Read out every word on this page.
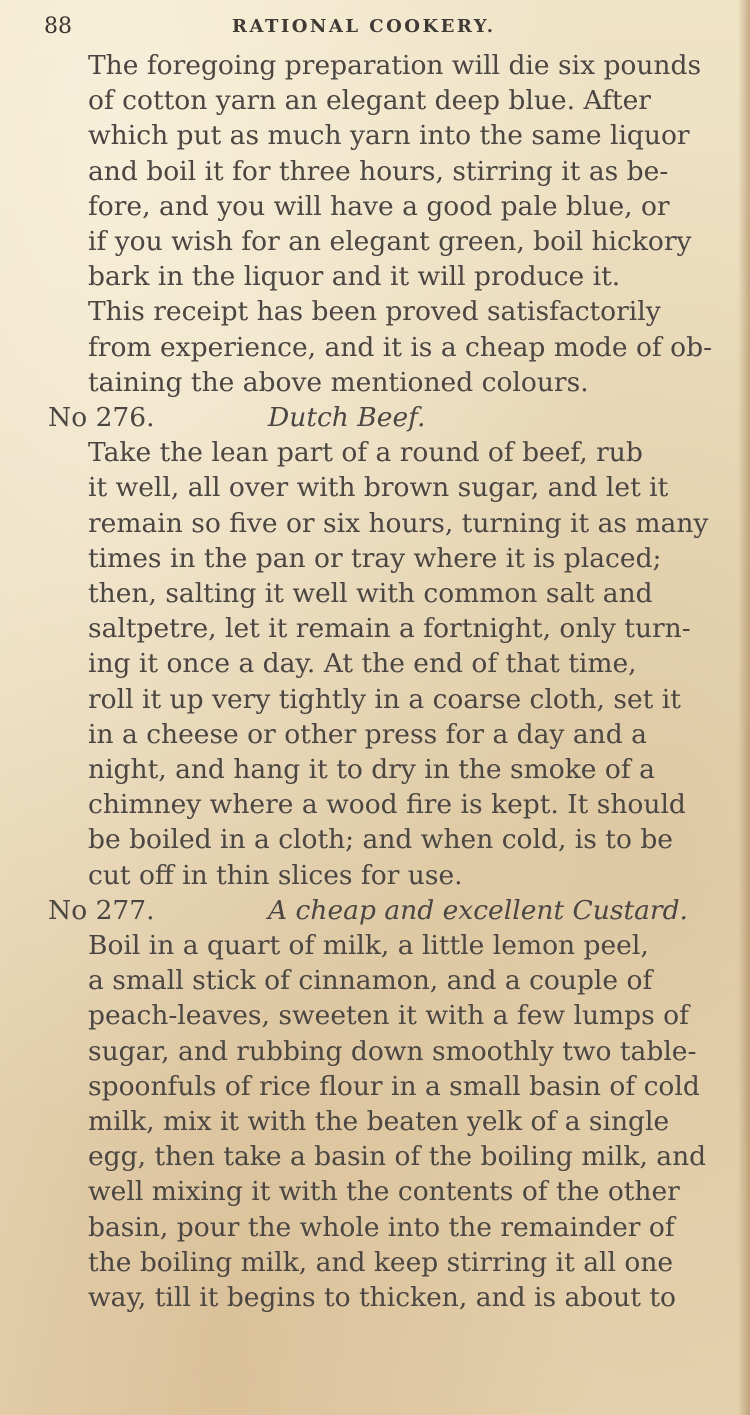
88	RATIONAL COOKERY.

The foregoing preparation will die six pounds
of cotton yarn an elegant deep blue. After
which put as much yarn into the same liquor
and boil it for three hours, stirring it as be-
fore, and you will have a good pale blue, or
if you wish for an elegant green, boil hickory
bark in the liquor and it will produce it.

This receipt has been proved satisfactorily
from experience, and it is a cheap mode of ob-
taining the above mentioned colours.

No 276.	Dutch Beef.

Take the lean part of a round of beef, rub
it well, all over with brown sugar, and let it
remain so five or six hours, turning it as many
times in the pan or tray where it is placed;
then, salting it well with common salt and
saltpetre, let it remain a fortnight, only turn-
ing it once a day. At the end of that time,
roll it up very tightly in a coarse cloth, set it
in a cheese or other press for a day and a
night, and hang it to dry in the smoke of a
chimney where a wood fire is kept. It should
be boiled in a cloth; and when cold, is to be
cut off in thin slices for use.

No 277.	A cheap and excellent Custard.

Boil in a quart of milk, a little lemon peel,
a small stick of cinnamon, and a couple of
peach-leaves, sweeten it with a few lumps of
sugar, and rubbing down smoothly two table-
spoonfuls of rice flour in a small basin of cold
milk, mix it with the beaten yelk of a single
egg, then take a basin of the boiling milk, and
well mixing it with the contents of the other
basin, pour the whole into the remainder of
the boiling milk, and keep stirring it all one
way, till it begins to thicken, and is about to
